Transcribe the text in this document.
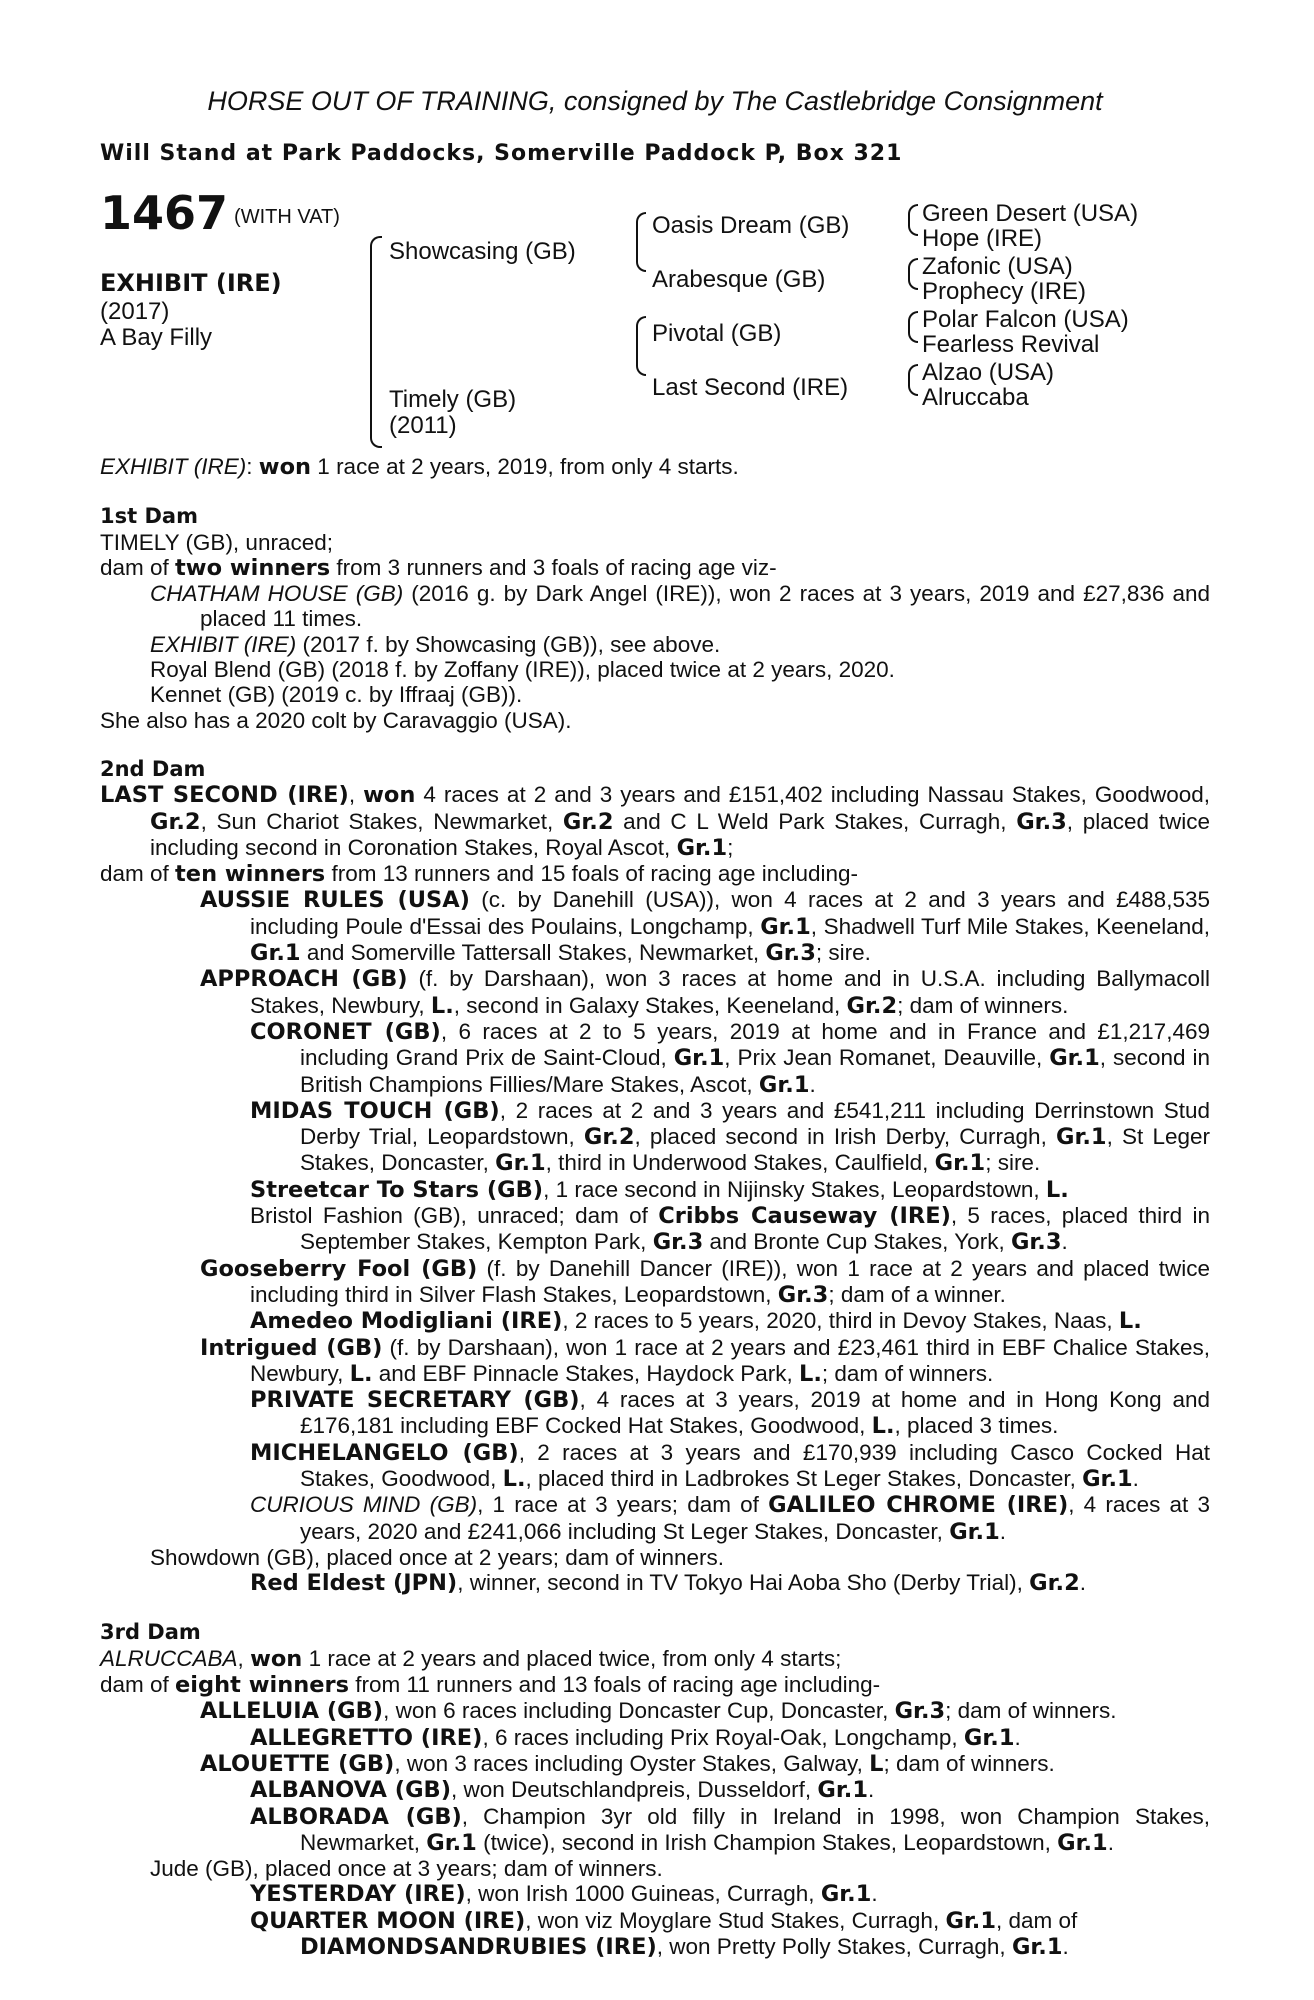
HORSE OUT OF TRAINING, consigned by The Castlebridge Consignment
Will Stand at Park Paddocks, Somerville Paddock P, Box 321
1467 $^{(WITH VAT)}$
EXHIBIT (IRE)
(2017)
A Bay Filly
Showcasing (GB)
Timely (GB)
(2011)
Oasis Dream (GB)
Arabesque (GB)
Pivotal (GB)
Last Second (IRE)
Green Desert (USA)
Hope (IRE)
Zafonic (USA)
Prophecy (IRE)
Polar Falcon (USA)
Fearless Revival
Alzao (USA)
Alruccaba

EXHIBIT (IRE): won 1 race at 2 years, 2019, from only 4 starts.

1st Dam

TIMELY (GB), unraced;

dam of two winners from 3 runners and 3 foals of racing age viz-

CHATHAM HOUSE (GB) (2016 g. by Dark Angel (IRE)), won 2 races at 3 years, 2019 and £27,836 and placed 11 times.

EXHIBIT (IRE) (2017 f. by Showcasing (GB)), see above.

Royal Blend (GB) (2018 f. by Zoffany (IRE)), placed twice at 2 years, 2020.

Kennet (GB) (2019 c. by Iffraaj (GB)).

She also has a 2020 colt by Caravaggio (USA).

2nd Dam

LAST SECOND (IRE), won 4 races at 2 and 3 years and £151,402 including Nassau Stakes, Goodwood, Gr.2, Sun Chariot Stakes, Newmarket, Gr.2 and C L Weld Park Stakes, Curragh, Gr.3, placed twice including second in Coronation Stakes, Royal Ascot, Gr.1;

dam of ten winners from 13 runners and 15 foals of racing age including-

AUSSIE RULES (USA) (c. by Danehill (USA)), won 4 races at 2 and 3 years and £488,535 including Poule d'Essai des Poulains, Longchamp, Gr.1, Shadwell Turf Mile Stakes, Keeneland, Gr.1 and Somerville Tattersall Stakes, Newmarket, Gr.3; sire.

APPROACH (GB) (f. by Darshaan), won 3 races at home and in U.S.A. including Ballymacoll Stakes, Newbury, L., second in Galaxy Stakes, Keeneland, Gr.2; dam of winners.

CORONET (GB), 6 races at 2 to 5 years, 2019 at home and in France and £1,217,469 including Grand Prix de Saint-Cloud, Gr.1, Prix Jean Romanet, Deauville, Gr.1, second in British Champions Fillies/Mare Stakes, Ascot, Gr.1.

MIDAS TOUCH (GB), 2 races at 2 and 3 years and £541,211 including Derrinstown Stud Derby Trial, Leopardstown, Gr.2, placed second in Irish Derby, Curragh, Gr.1, St Leger Stakes, Doncaster, Gr.1, third in Underwood Stakes, Caulfield, Gr.1; sire.

Streetcar To Stars (GB), 1 race second in Nijinsky Stakes, Leopardstown, L.

Bristol Fashion (GB), unraced; dam of Cribbs Causeway (IRE), 5 races, placed third in September Stakes, Kempton Park, Gr.3 and Bronte Cup Stakes, York, Gr.3.

Gooseberry Fool (GB) (f. by Danehill Dancer (IRE)), won 1 race at 2 years and placed twice including third in Silver Flash Stakes, Leopardstown, Gr.3; dam of a winner.

Amedeo Modigliani (IRE), 2 races to 5 years, 2020, third in Devoy Stakes, Naas, L.

Intrigued (GB) (f. by Darshaan), won 1 race at 2 years and £23,461 third in EBF Chalice Stakes, Newbury, L. and EBF Pinnacle Stakes, Haydock Park, L.; dam of winners.

PRIVATE SECRETARY (GB), 4 races at 3 years, 2019 at home and in Hong Kong and £176,181 including EBF Cocked Hat Stakes, Goodwood, L., placed 3 times.

MICHELANGELO (GB), 2 races at 3 years and £170,939 including Casco Cocked Hat Stakes, Goodwood, L., placed third in Ladbrokes St Leger Stakes, Doncaster, Gr.1.

CURIOUS MIND (GB), 1 race at 3 years; dam of GALILEO CHROME (IRE), 4 races at 3 years, 2020 and £241,066 including St Leger Stakes, Doncaster, Gr.1.

Showdown (GB), placed once at 2 years; dam of winners.

Red Eldest (JPN), winner, second in TV Tokyo Hai Aoba Sho (Derby Trial), Gr.2.

3rd Dam

ALRUCCABA, won 1 race at 2 years and placed twice, from only 4 starts;

dam of eight winners from 11 runners and 13 foals of racing age including-

ALLELUIA (GB), won 6 races including Doncaster Cup, Doncaster, Gr.3; dam of winners.

ALLEGRETTO (IRE), 6 races including Prix Royal-Oak, Longchamp, Gr.1.

ALOUETTE (GB), won 3 races including Oyster Stakes, Galway, L; dam of winners.

ALBANOVA (GB), won Deutschlandpreis, Dusseldorf, Gr.1.

ALBORADA (GB), Champion 3yr old filly in Ireland in 1998, won Champion Stakes, Newmarket, Gr.1 (twice), second in Irish Champion Stakes, Leopardstown, Gr.1.

Jude (GB), placed once at 3 years; dam of winners.

YESTERDAY (IRE), won Irish 1000 Guineas, Curragh, Gr.1.

QUARTER MOON (IRE), won viz Moyglare Stud Stakes, Curragh, Gr.1, dam of

DIAMONDSANDRUBIES (IRE), won Pretty Polly Stakes, Curragh, Gr.1.
